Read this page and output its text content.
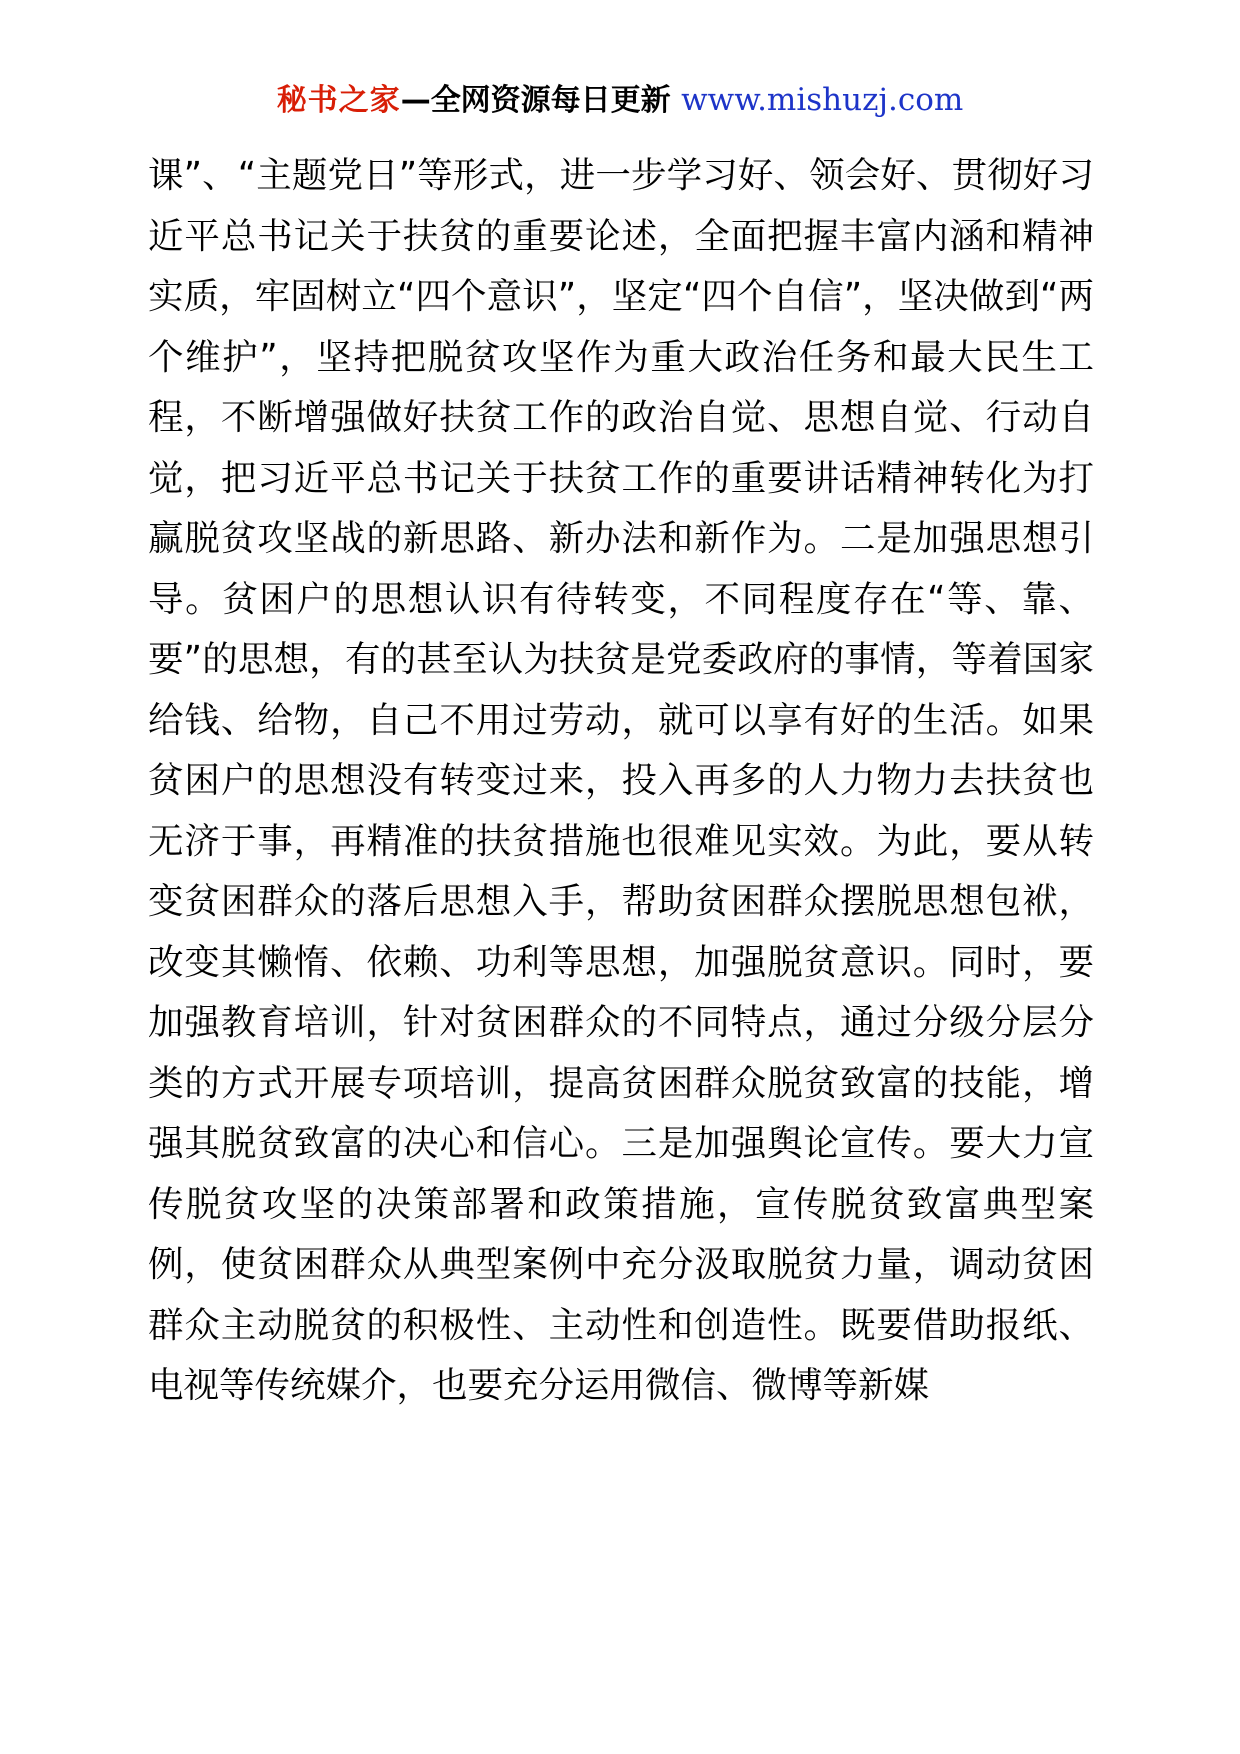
秘书之家—全网资源每日更新 www.mishuzj.com
课”、“主题党日”等形式，进一步学习好、领会好、贯彻好习近平总书记关于扶贫的重要论述，全面把握丰富内涵和精神实质，牢固树立“四个意识”，坚定“四个自信”，坚决做到“两个维护”，坚持把脱贫攻坚作为重大政治任务和最大民生工程，不断增强做好扶贫工作的政治自觉、思想自觉、行动自觉，把习近平总书记关于扶贫工作的重要讲话精神转化为打赢脱贫攻坚战的新思路、新办法和新作为。二是加强思想引导。贫困户的思想认识有待转变，不同程度存在“等、靠、要”的思想，有的甚至认为扶贫是党委政府的事情，等着国家给钱、给物，自己不用过劳动，就可以享有好的生活。如果贫困户的思想没有转变过来，投入再多的人力物力去扶贫也无济于事，再精准的扶贫措施也很难见实效。为此，要从转变贫困群众的落后思想入手，帮助贫困群众摆脱思想包袱，改变其懒惰、依赖、功利等思想，加强脱贫意识。同时，要加强教育培训，针对贫困群众的不同特点，通过分级分层分类的方式开展专项培训，提高贫困群众脱贫致富的技能，增强其脱贫致富的决心和信心。三是加强舆论宣传。要大力宣传脱贫攻坚的决策部署和政策措施，宣传脱贫致富典型案例，使贫困群众从典型案例中充分汲取脱贫力量，调动贫困群众主动脱贫的积极性、主动性和创造性。既要借助报纸、电视等传统媒介，也要充分运用微信、微博等新媒
